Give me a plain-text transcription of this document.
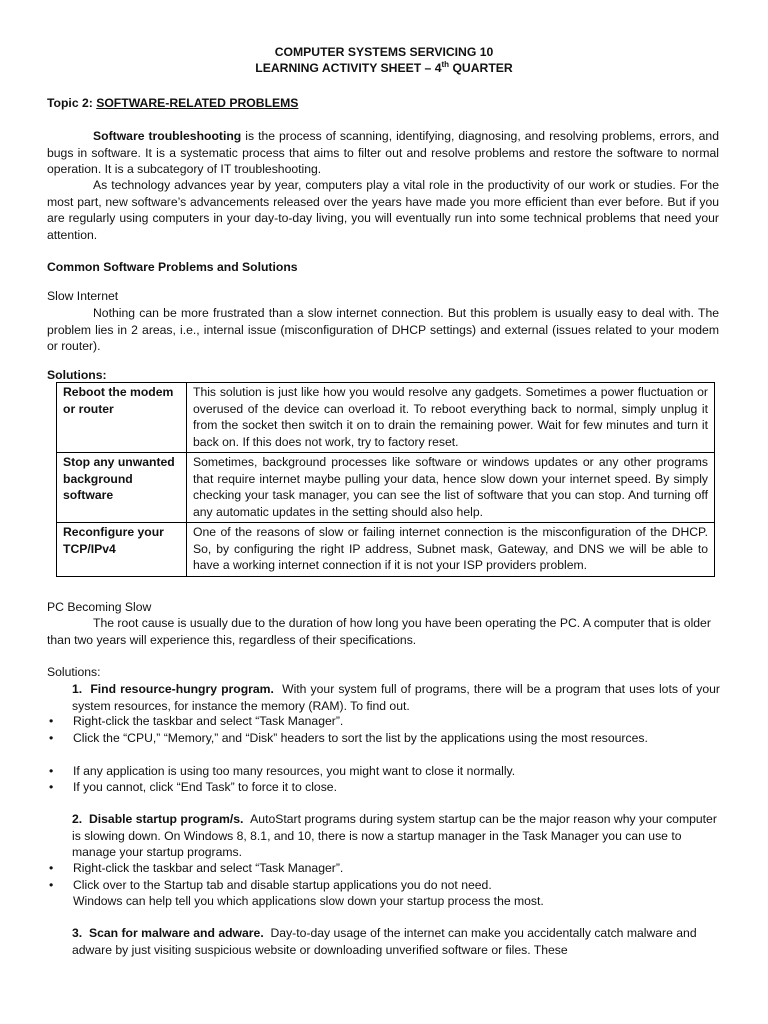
COMPUTER SYSTEMS SERVICING 10
LEARNING ACTIVITY SHEET – 4th QUARTER
Topic 2: SOFTWARE-RELATED PROBLEMS
Software troubleshooting is the process of scanning, identifying, diagnosing, and resolving problems, errors, and bugs in software. It is a systematic process that aims to filter out and resolve problems and restore the software to normal operation. It is a subcategory of IT troubleshooting.
As technology advances year by year, computers play a vital role in the productivity of our work or studies. For the most part, new software’s advancements released over the years have made you more efficient than ever before. But if you are regularly using computers in your day-to-day living, you will eventually run into some technical problems that need your attention.
Common Software Problems and Solutions
Slow Internet
Nothing can be more frustrated than a slow internet connection. But this problem is usually easy to deal with. The problem lies in 2 areas, i.e., internal issue (misconfiguration of DHCP settings) and external (issues related to your modem or router).
Solutions:
Reboot the modem or router	This solution is just like how you would resolve any gadgets. Sometimes a power fluctuation or overused of the device can overload it. To reboot everything back to normal, simply unplug it from the socket then switch it on to drain the remaining power. Wait for few minutes and turn it back on. If this does not work, try to factory reset.
Stop any unwanted background software	Sometimes, background processes like software or windows updates or any other programs that require internet maybe pulling your data, hence slow down your internet speed. By simply checking your task manager, you can see the list of software that you can stop. And turning off any automatic updates in the setting should also help.
Reconfigure your TCP/IPv4	One of the reasons of slow or failing internet connection is the misconfiguration of the DHCP. So, by configuring the right IP address, Subnet mask, Gateway, and DNS we will be able to have a working internet connection if it is not your ISP providers problem.
PC Becoming Slow
The root cause is usually due to the duration of how long you have been operating the PC. A computer that is older than two years will experience this, regardless of their specifications.
Solutions:
1. Find resource-hungry program. With your system full of programs, there will be a program that uses lots of your system resources, for instance the memory (RAM). To find out.
• Right-click the taskbar and select “Task Manager”.
• Click the “CPU,” “Memory,” and “Disk” headers to sort the list by the applications using the most resources.
• If any application is using too many resources, you might want to close it normally.
• If you cannot, click “End Task” to force it to close.
2. Disable startup program/s. AutoStart programs during system startup can be the major reason why your computer is slowing down. On Windows 8, 8.1, and 10, there is now a startup manager in the Task Manager you can use to manage your startup programs.
• Right-click the taskbar and select “Task Manager”.
• Click over to the Startup tab and disable startup applications you do not need.
Windows can help tell you which applications slow down your startup process the most.
3. Scan for malware and adware. Day-to-day usage of the internet can make you accidentally catch malware and adware by just visiting suspicious website or downloading unverified software or files. These
